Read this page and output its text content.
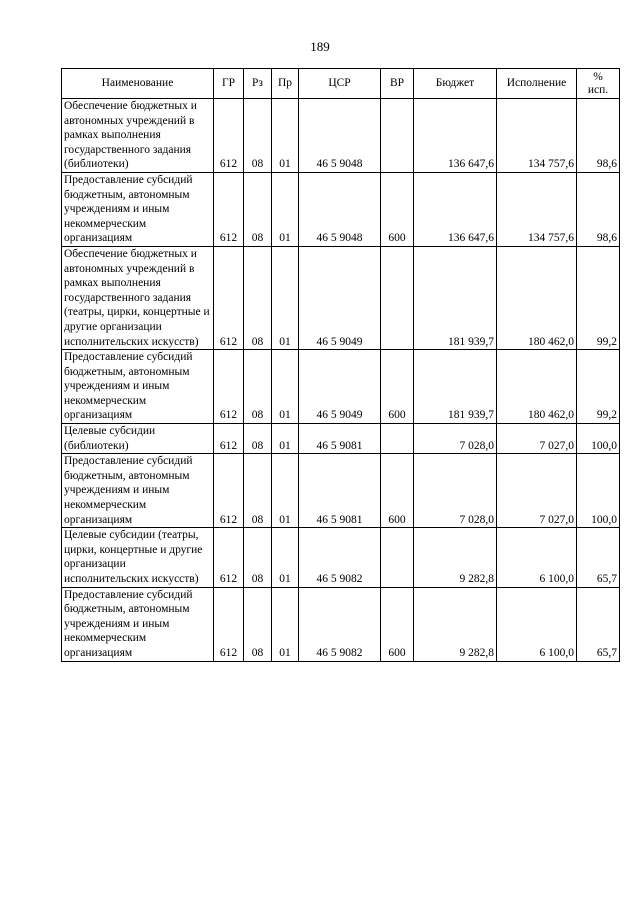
189
Наименование	ГР	Рз	Пр	ЦСР	ВР	Бюджет	Исполнение	%
исп.
Обеспечение бюджетных и автономных учреждений в рамках выполнения государственного задания (библиотеки)	612	08	01	46 5 9048		136 647,6	134 757,6	98,6
Предоставление субсидий бюджетным, автономным учреждениям и иным некоммерческим организациям	612	08	01	46 5 9048	600	136 647,6	134 757,6	98,6
Обеспечение бюджетных и автономных учреждений в рамках выполнения государственного задания (театры, цирки, концертные и другие организации исполнительских искусств)	612	08	01	46 5 9049		181 939,7	180 462,0	99,2
Предоставление субсидий бюджетным, автономным учреждениям и иным некоммерческим организациям	612	08	01	46 5 9049	600	181 939,7	180 462,0	99,2
Целевые субсидии (библиотеки)	612	08	01	46 5 9081		7 028,0	7 027,0	100,0
Предоставление субсидий бюджетным, автономным учреждениям и иным некоммерческим организациям	612	08	01	46 5 9081	600	7 028,0	7 027,0	100,0
Целевые субсидии (театры, цирки, концертные и другие организации исполнительских искусств)	612	08	01	46 5 9082		9 282,8	6 100,0	65,7
Предоставление субсидий бюджетным, автономным учреждениям и иным некоммерческим организациям	612	08	01	46 5 9082	600	9 282,8	6 100,0	65,7
